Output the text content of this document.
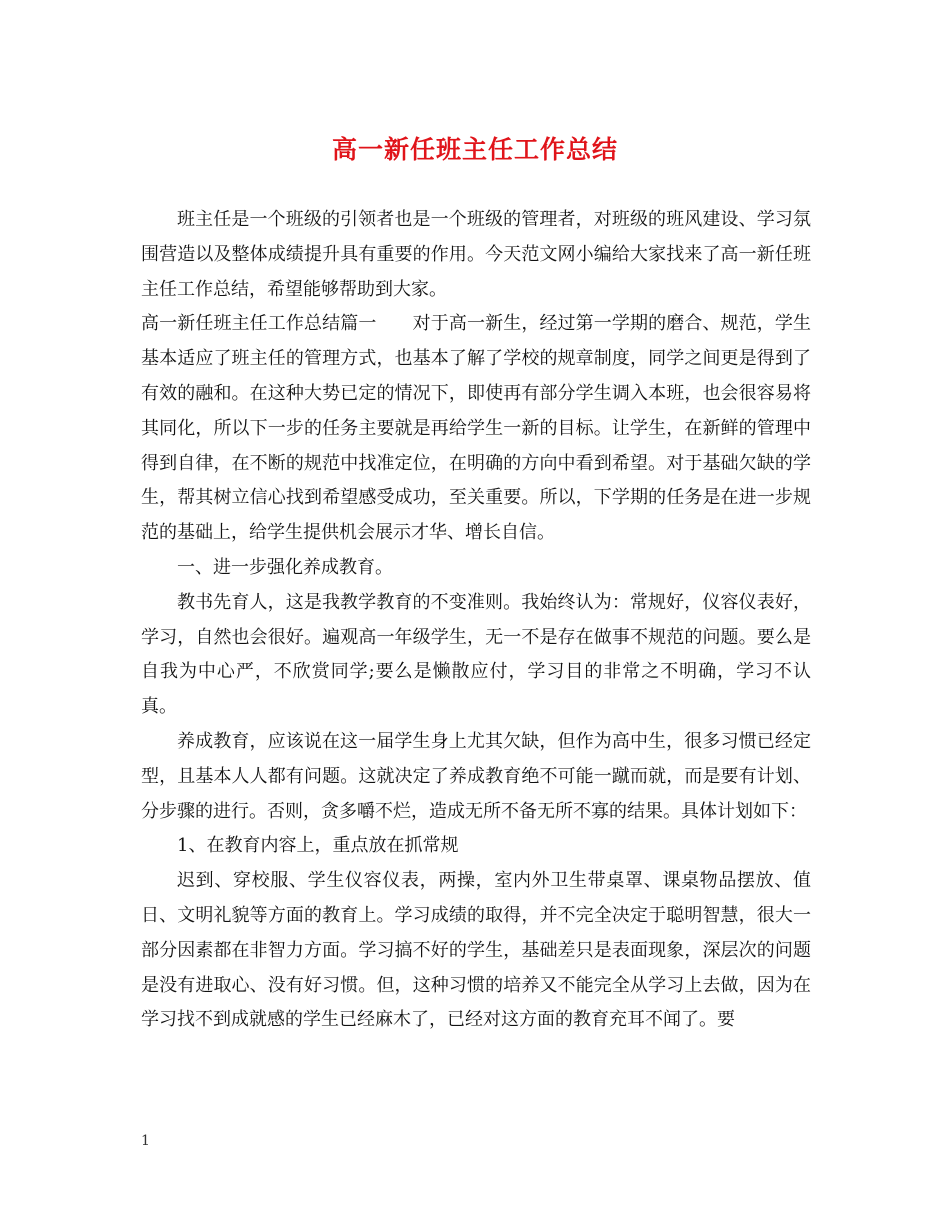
高一新任班主任工作总结

班主任是一个班级的引领者也是一个班级的管理者，对班级的班风建设、学习氛围营造以及整体成绩提升具有重要的作用。今天范文网小编给大家找来了高一新任班主任工作总结，希望能够帮助到大家。

高一新任班主任工作总结篇一　　对于高一新生，经过第一学期的磨合、规范，学生基本适应了班主任的管理方式，也基本了解了学校的规章制度，同学之间更是得到了有效的融和。在这种大势已定的情况下，即使再有部分学生调入本班，也会很容易将其同化，所以下一步的任务主要就是再给学生一新的目标。让学生，在新鲜的管理中得到自律，在不断的规范中找准定位，在明确的方向中看到希望。对于基础欠缺的学生，帮其树立信心找到希望感受成功，至关重要。所以，下学期的任务是在进一步规范的基础上，给学生提供机会展示才华、增长自信。

一、进一步强化养成教育。

教书先育人，这是我教学教育的不变准则。我始终认为：常规好，仪容仪表好，学习，自然也会很好。遍观高一年级学生，无一不是存在做事不规范的问题。要么是自我为中心严，不欣赏同学;要么是懒散应付，学习目的非常之不明确，学习不认真。

养成教育，应该说在这一届学生身上尤其欠缺，但作为高中生，很多习惯已经定型，且基本人人都有问题。这就决定了养成教育绝不可能一蹴而就，而是要有计划、分步骤的进行。否则，贪多嚼不烂，造成无所不备无所不寡的结果。具体计划如下：

1、在教育内容上，重点放在抓常规

迟到、穿校服、学生仪容仪表，两操，室内外卫生带桌罩、课桌物品摆放、值日、文明礼貌等方面的教育上。学习成绩的取得，并不完全决定于聪明智慧，很大一部分因素都在非智力方面。学习搞不好的学生，基础差只是表面现象，深层次的问题是没有进取心、没有好习惯。但，这种习惯的培养又不能完全从学习上去做，因为在学习找不到成就感的学生已经麻木了，已经对这方面的教育充耳不闻了。要

1
